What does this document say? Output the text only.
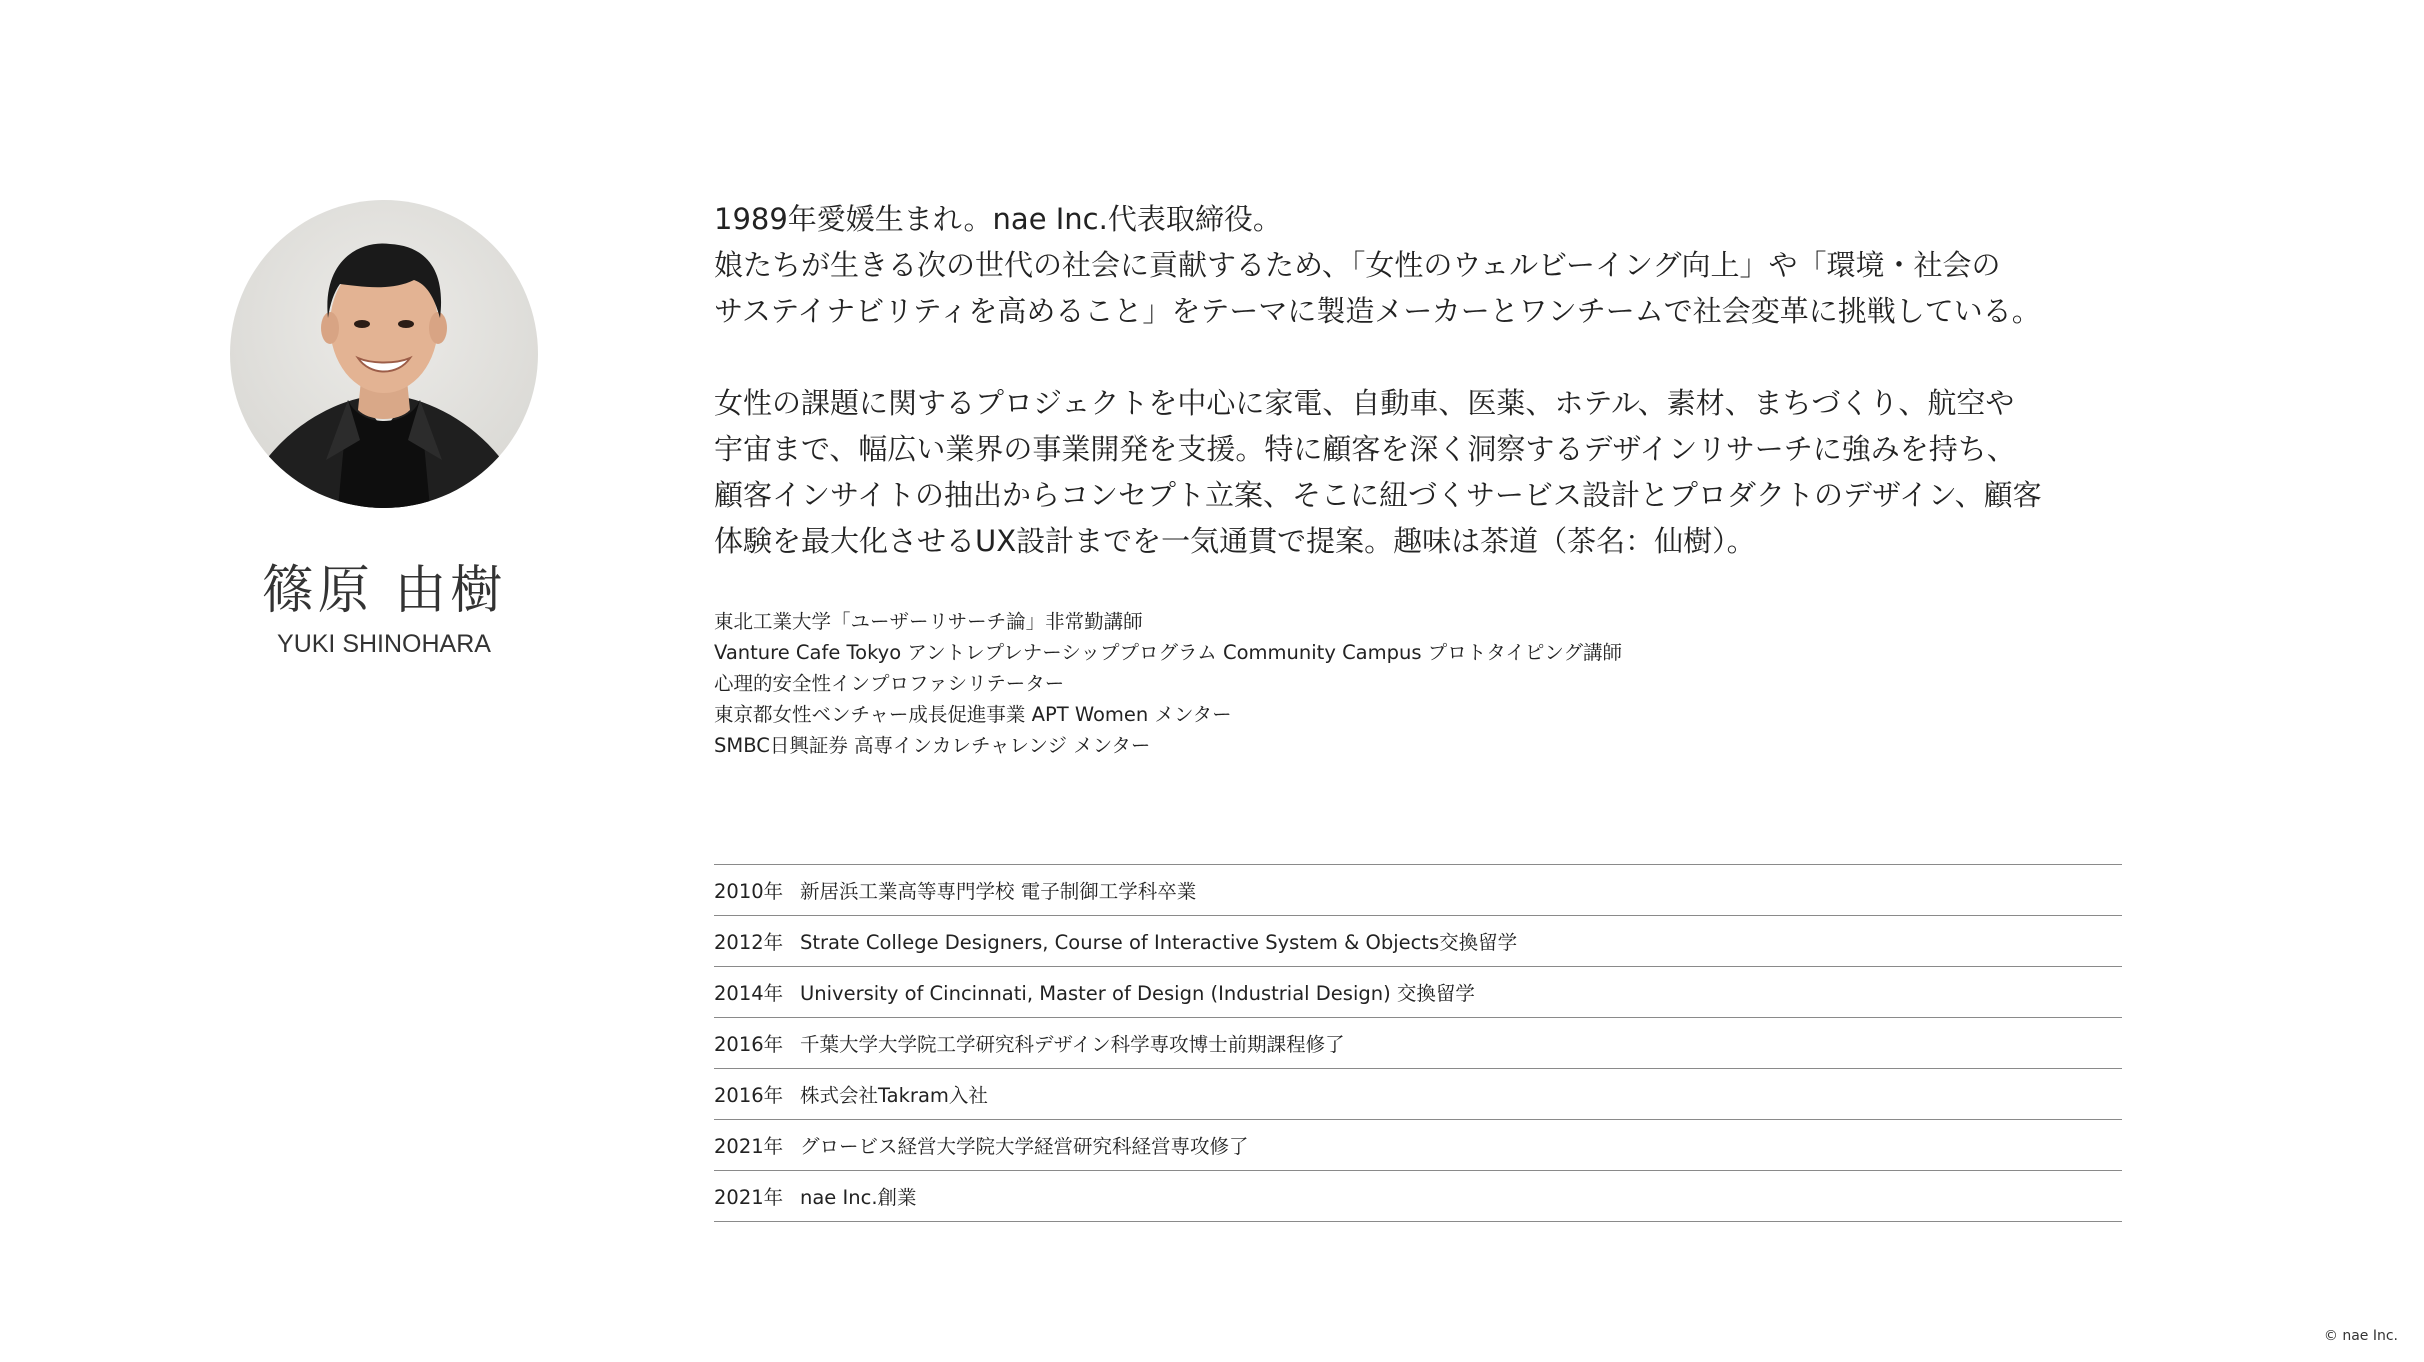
篠原 由樹
YUKI SHINOHARA

1989年愛媛生まれ。nae Inc.代表取締役。

娘たちが生きる次の世代の社会に貢献するため、「女性のウェルビーイング向上」や「環境・社会の

サステイナビリティを高めること」をテーマに製造メーカーとワンチームで社会変革に挑戦している。

女性の課題に関するプロジェクトを中心に家電、自動車、医薬、ホテル、素材、まちづくり、航空や

宇宙まで、幅広い業界の事業開発を支援。特に顧客を深く洞察するデザインリサーチに強みを持ち、

顧客インサイトの抽出からコンセプト立案、そこに紐づくサービス設計とプロダクトのデザイン、顧客

体験を最大化させるUX設計までを一気通貫で提案。趣味は茶道（茶名：仙樹）。

東北工業大学「ユーザーリサーチ論」非常勤講師
Vanture Cafe Tokyo アントレプレナーシッププログラム Community Campus プロトタイピング講師
心理的安全性インプロファシリテーター
東京都女性ベンチャー成長促進事業 APT Women メンター
SMBC日興証券 高専インカレチャレンジ メンター
2010年 新居浜工業高等専門学校 電子制御工学科卒業
2012年 Strate College Designers, Course of Interactive System & Objects交換留学
2014年 University of Cincinnati, Master of Design (Industrial Design) 交換留学
2016年 千葉大学大学院工学研究科デザイン科学専攻博士前期課程修了
2016年 株式会社Takram入社
2021年 グロービス経営大学院大学経営研究科経営専攻修了
2021年 nae Inc.創業
© nae Inc.
